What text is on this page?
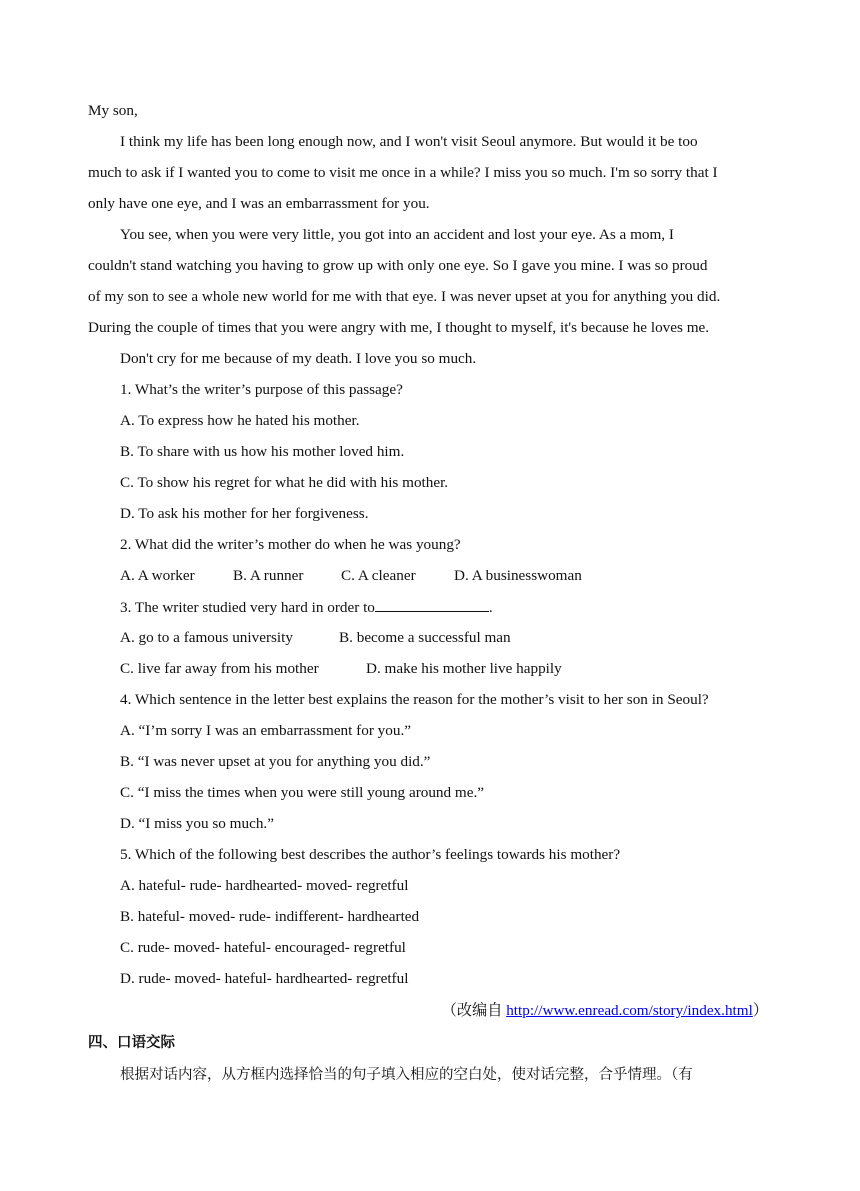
My son,
I think my life has been long enough now, and I won't visit Seoul anymore. But would it be too
much to ask if I wanted you to come to visit me once in a while? I miss you so much. I'm so sorry that I
only have one eye, and I was an embarrassment for you.
You see, when you were very little, you got into an accident and lost your eye. As a mom, I
couldn't stand watching you having to grow up with only one eye. So I gave you mine. I was so proud
of my son to see a whole new world for me with that eye. I was never upset at you for anything you did.
During the couple of times that you were angry with me, I thought to myself, it's because he loves me.
Don't cry for me because of my death. I love you so much.
1. What’s the writer’s purpose of this passage?
A. To express how he hated his mother.
B. To share with us how his mother loved him.
C. To show his regret for what he did with his mother.
D. To ask his mother for her forgiveness.
2. What did the writer’s mother do when he was young?
A. A worker	B. A runner C. A cleaner	D. A businesswoman
3. The writer studied very hard in order to	.
A. go to a famous university	B. become a successful man
C. live far away from his mother	D. make his mother live happily
4. Which sentence in the letter best explains the reason for the mother’s visit to her son in Seoul?
A. “I’m sorry I was an embarrassment for you.”
B. “I was never upset at you for anything you did.”
C. “I miss the times when you were still young around me.”
D. “I miss you so much.”
5. Which of the following best describes the author’s feelings towards his mother?
A. hateful- rude- hardhearted- moved- regretful
B. hateful- moved- rude- indifferent- hardhearted
C. rude- moved- hateful- encouraged- regretful
D. rude- moved- hateful- hardhearted- regretful
（改编自 http://www.enread.com/story/index.html）
四、口语交际
根据对话内容，从方框内选择恰当的句子填入相应的空白处，使对话完整，合乎情理。（有
